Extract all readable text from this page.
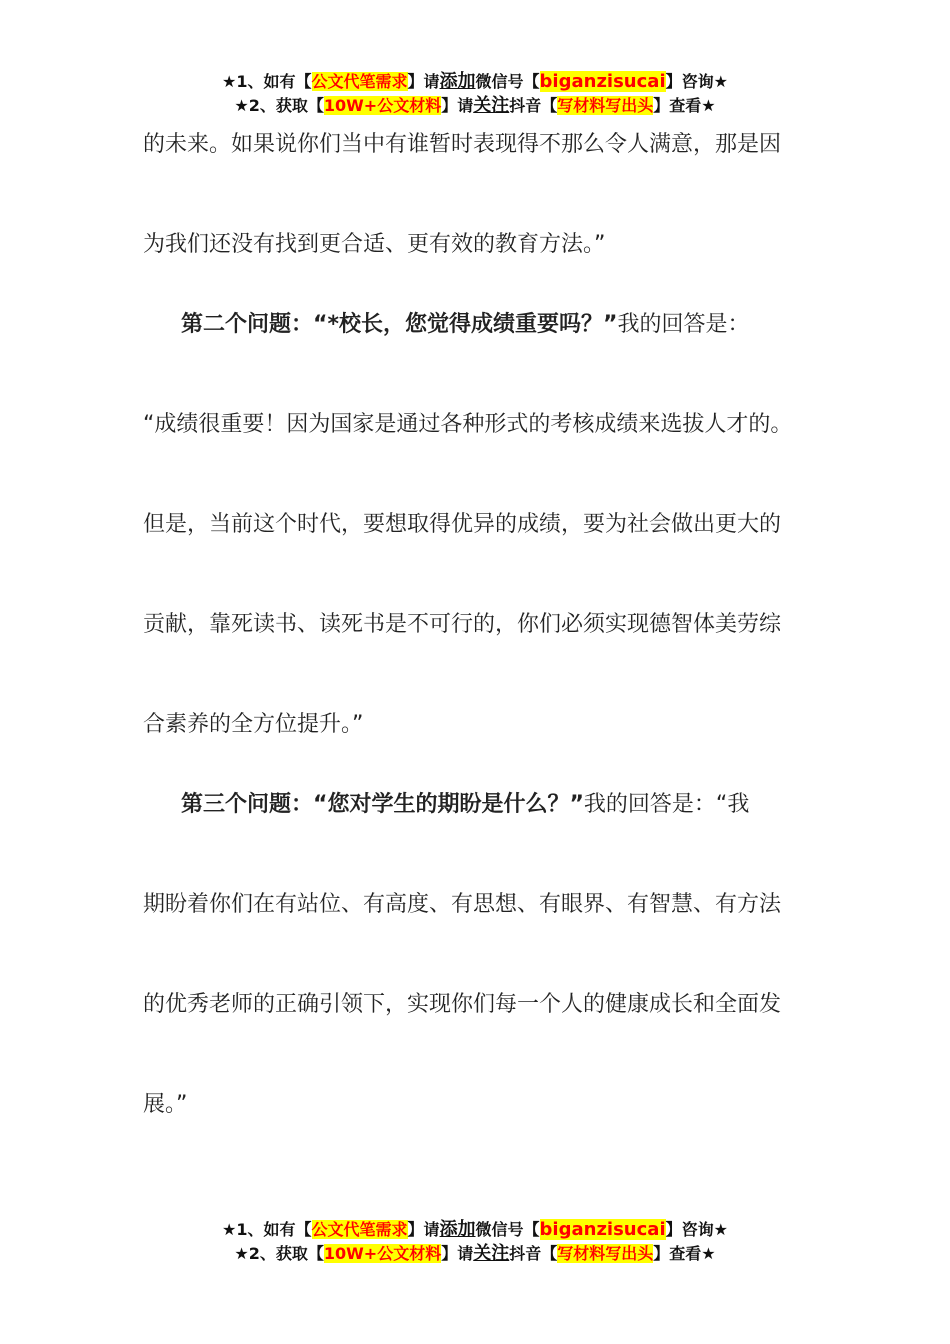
★1、如有【公文代笔需求】请添加微信号【biganzisucai】咨询★
★2、获取【10W+公文材料】请关注抖音【写材料写出头】查看★
的未来。如果说你们当中有谁暂时表现得不那么令人满意，那是因
为我们还没有找到更合适、更有效的教育方法。”
第二个问题：“*校长，您觉得成绩重要吗？”我的回答是：
“成绩很重要！因为国家是通过各种形式的考核成绩来选拔人才的。
但是，当前这个时代，要想取得优异的成绩，要为社会做出更大的
贡献，靠死读书、读死书是不可行的，你们必须实现德智体美劳综
合素养的全方位提升。”
第三个问题：“您对学生的期盼是什么？”我的回答是：“我
期盼着你们在有站位、有高度、有思想、有眼界、有智慧、有方法
的优秀老师的正确引领下，实现你们每一个人的健康成长和全面发
展。”
★1、如有【公文代笔需求】请添加微信号【biganzisucai】咨询★
★2、获取【10W+公文材料】请关注抖音【写材料写出头】查看★
